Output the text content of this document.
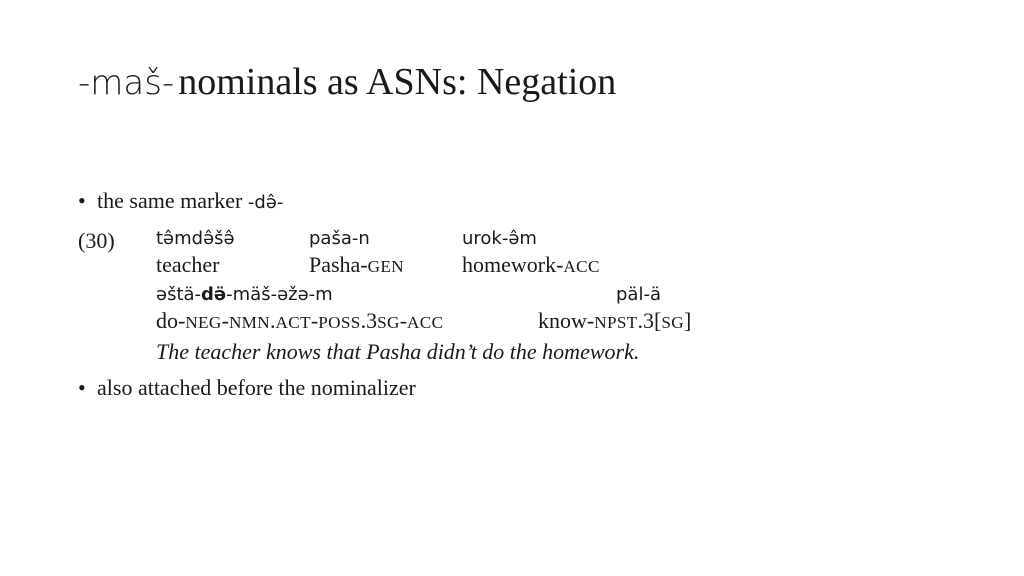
-maš- nominals as ASNs: Negation
• the same marker -də̂-
(30) tə̂mdə̂šə̂	paša-n	urok-ə̂m
teacher	Pasha-GEN	homework-ACC
əštä-də̈-mäš-əžə-m	päl-ä
do-NEG-NMN.ACT-POSS.3SG-ACC	know-NPST.3[SG]
The teacher knows that Pasha didn’t do the homework.
• also attached before the nominalizer
